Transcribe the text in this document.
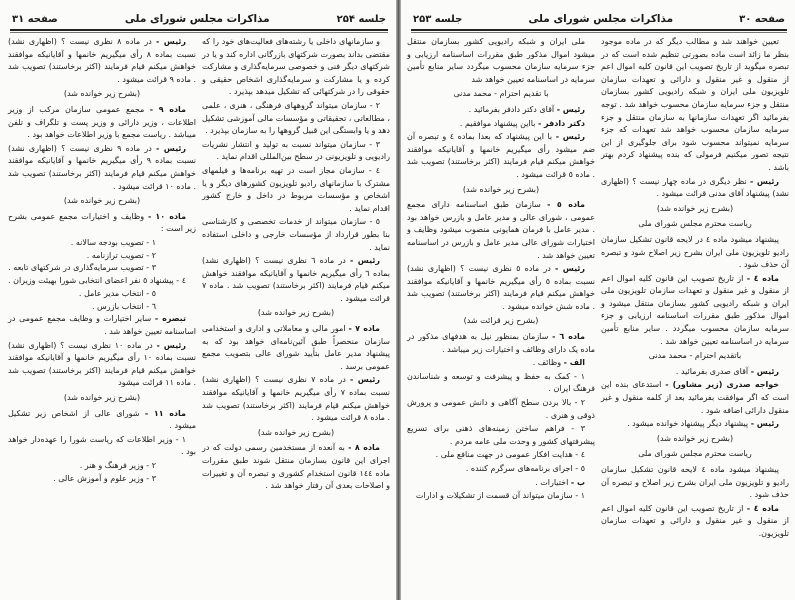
جلسه ۲۵۴
مذاکرات مجلس شورای ملی
صفحه ۳۱

و سازمانهای داخلی یا رشته‌های فعالیت‌های خود را که مقتضی بداند بصورت شرکتهای بازرگانی اداره کند و یا در شرکتهای دیگر فنی و خصوصی سرمایه‌گذاری و مشارکت کرده و یا مشارکت و سرمایه‌گذاری اشخاص حقیقی و حقوقی را در شرکتهائی که تشکیل میدهد بپذیرد .

۲ - سازمان میتواند گروههای فرهنگی ، هنری ، علمی ، مطالعاتی ، تحقیقاتی و مؤسسات مالی آموزشی تشکیل دهد و یا وابستگی این قبیل گروهها را به سازمان بپذیرد .

۳ - سازمان میتواند نسبت به تولید و انتشار نشریات رادیویی و تلویزیونی در سطح بین‌المللی اقدام نماید .

٤ - سازمان مجاز است در تهیه برنامه‌ها و فیلمهای مشترک با سازمانهای رادیو تلویزیون کشورهای دیگر و یا اشخاص و مؤسسات مربوط در داخل و خارج کشور اقدام نماید .

٥ - سازمان میتواند از خدمات تخصصی و کارشناسی بنا بطور قرارداد از مؤسسات خارجی و داخلی استفاده نماید .

رئیس - در ماده ٦ نظری نیست ؟ (اظهاری نشد) بماده ٦ رأی میگیریم خانمها و آقایانیکه موافقند خواهش میکنم قیام فرمایند (اکثر برخاستند) تصویب شد . ماده ۷ قرائت میشود .

(بشرح زیر خوانده شد)

ماده ۷ - امور مالی و معاملاتی و اداری و استخدامی سازمان منحصراً طبق آئین‌نامه‌ای خواهد بود که به پیشنهاد مدیر عامل بتأیید شورای عالی بتصویب مجمع عمومی برسد .

رئیس - در ماده ۷ نظری نیست ؟ (اظهاری نشد) نسبت بماده ۷ رأی میگیریم خانمها و آقایانیکه موافقند خواهش میکنم قیام فرمایند (اکثر برخاستند) تصویب شد . ماده ۸ قرائت میشود .

(بشرح زیر خوانده شد)

ماده ۸ - به آنعده از مستخدمین رسمی دولت که در اجرای این قانون بسازمان منتقل شوند طبق مقررات ماده ١٤٤ قانون استخدام کشوری و تبصره آن و تغییرات و اصلاحات بعدی آن رفتار خواهد شد .

رئیس - در ماده ۸ نظری نیست ؟ (اظهاری نشد) نسبت بماده ۸ رأی میگیریم خانمها و آقایانیکه موافقند خواهش میکنم قیام فرمایند (اکثر برخاستند) تصویب شد . ماده ۹ قرائت میشود .

(بشرح زیر خوانده شد)

ماده ۹ - مجمع عمومی سازمان مرکب از وزیر اطلاعات ، وزیر دارائی و وزیر پست و تلگراف و تلفن میباشد . ریاست مجمع با وزیر اطلاعات خواهد بود .

رئیس - در ماده ۹ نظری نیست ؟ (اظهاری نشد) نسبت بماده ۹ رأی میگیریم خانمها و آقایانیکه موافقند خواهش میکنم قیام فرمایند (اکثر برخاستند) تصویب شد . ماده ۱۰ قرائت میشود .

(بشرح زیر خوانده شد)

ماده ۱۰ - وظایف و اختیارات مجمع عمومی بشرح زیر است :

۱ - تصویب بودجه سالانه .

۲ - تصویب ترازنامه .

۳ - تصویب سرمایه‌گذاری در شرکتهای تابعه .

٤ - پیشنهاد ٥ نفر اعضای انتخابی شورا بهیئت وزیران .

٥ - انتخاب مدیر عامل .

٦ - انتخاب بازرس .

تبصره - سایر اختیارات و وظایف مجمع عمومی در اساسنامه تعیین خواهد شد .

رئیس - در ماده ۱۰ نظری نیست ؟ (اظهاری نشد) نسبت بماده ۱۰ رأی میگیریم خانمها و آقایانیکه موافقند خواهش میکنم قیام فرمایند (اکثر برخاستند) تصویب شد . ماده ۱۱ قرائت میشود

(بشرح زیر خوانده شد)

ماده ۱۱ - شورای عالی از اشخاص زیر تشکیل میشود .

۱ - وزیر اطلاعات که ریاست شورا را عهده‌دار خواهد بود .

۲ - وزیر فرهنگ و هنر .

۳ - وزیر علوم و آموزش عالی .

صفحه ۳۰
مذاکرات مجلس شورای ملی
جلسه ۲۵۳

تعیین خواهند شد و مطالب دیگر که در ماده موجود بنظر ما زائد است ماده بصورتی تنظیم شده است که در تبصره میگوید از تاریخ تصویب این قانون کلیه اموال اعم از منقول و غیر منقول و دارائی و تعهدات سازمان تلویزیون ملی ایران و شبکه رادیویی کشور بسازمان منتقل و جزء سرمایه سازمان محسوب خواهد شد . توجه بفرمائید اگر تعهدات سازمانها به سازمان منتقل و جزء سرمایه سازمان محسوب خواهد شد تعهدات که جزء سرمایه نمیتواند محسوب شود برای جلوگیری از این نتیجه تصور میکنیم فرمولی که بنده پیشنهاد کردم بهتر باشد .

رئیس - نظر دیگری در ماده چهار نیست ؟ (اظهاری نشد) پیشنهاد آقای مدنی قرائت میشود .

(بشرح زیر خوانده شد)

ریاست محترم مجلس شورای ملی

پیشنهاد میشود ماده ٤ در لایحه قانون تشکیل سازمان رادیو تلویزیون ملی ایران بشرح زیر اصلاح شود و تبصره آن حذف شود .

ماده ٤ - از تاریخ تصویب این قانون کلیه اموال اعم از منقول و غیر منقول و تعهدات سازمان تلویزیون ملی ایران و شبکه رادیویی کشور بسازمان منتقل میشود و اموال مذکور طبق مقررات اساسنامه ارزیابی و جزء سرمایه سازمان محسوب میگردد . سایر منابع تأمین سرمایه در اساسنامه تعیین خواهد شد .

باتقدیم احترام - محمد مدنی

رئیس - آقای صدری بفرمائید .

خواجه صدری (زیر مشاور) - استدعای بنده این است که اگر موافقت بفرمائید بعد از کلمه منقول و غیر منقول دارائی اضافه شود .

رئیس - پیشنهاد دیگر پیشنهاد خوانده میشود .

(بشرح زیر خوانده شد)

ریاست محترم مجلس شورای ملی

پیشنهاد میشود ماده ٤ لایحه قانون تشکیل سازمان رادیو و تلویزیون ملی ایران بشرح زیر اصلاح و تبصره آن حذف شود .

ماده ٤ - از تاریخ تصویب این قانون کلیه اموال اعم از منقول و غیر منقول و دارائی و تعهدات سازمان تلویزیون.

ملی ایران و شبکه رادیویی کشور بسازمان منتقل میشود اموال مذکور طبق مقررات اساسنامه ارزیابی و جزء سرمایه سازمان محسوب میگردد سایر منابع تأمین سرمایه در اساسنامه تعیین خواهد شد

با تقدیم احترام - محمد مدنی

رئیس - آقای دکتر دادفر بفرمائید .

دکتر دادفر - بااین پیشنهاد موافقیم .

رئیس - با این پیشنهاد که بعدا بماده ٤ و تبصره آن ضم میشود رأی میگیریم خانمها و آقایانیکه موافقند خواهش میکنم قیام فرمایند (اکثر برخاستند) تصویب شد . ماده ٥ قرائت میشود .

(بشرح زیر خوانده شد)

ماده ٥ - سازمان طبق اساسنامه دارای مجمع عمومی ، شورای عالی و مدیر عامل و بازرس خواهد بود . مدیر عامل با فرمان همایونی منصوب میشود وظایف و اختیارات شورای عالی مدیر عامل و بازرس در اساسنامه تعیین خواهد شد .

رئیس - در ماده ٥ نظری نیست ؟ (اظهاری نشد) نسبت بماده ٥ رأی میگیریم خانمها و آقایانیکه موافقند خواهش میکنم قیام فرمایند (اکثر برخاستند) تصویب شد . ماده شش خوانده میشود .

(بشرح زیر قرائت شد)

ماده ٦ - سازمان بمنظور نیل به هدفهای مذکور در ماده یک دارای وظائف و اختیارات زیر میباشد .

الف - وظائف .

۱ - کمک به حفظ و پیشرفت و توسعه و شناساندن فرهنگ ایران .

۲ - بالا بردن سطح آگاهی و دانش عمومی و پرورش ذوقی و هنری .

۳ - فراهم ساختن زمینه‌های ذهنی برای تسریع پیشرفتهای کشور و وحدت ملی عامه مردم .

٤ - هدایت افکار عمومی در جهت منافع ملی .

٥ - اجرای برنامه‌های سرگرم کننده .

ب - اختیارات .

۱ - سازمان میتواند آن قسمت از تشکیلات و ادارات
